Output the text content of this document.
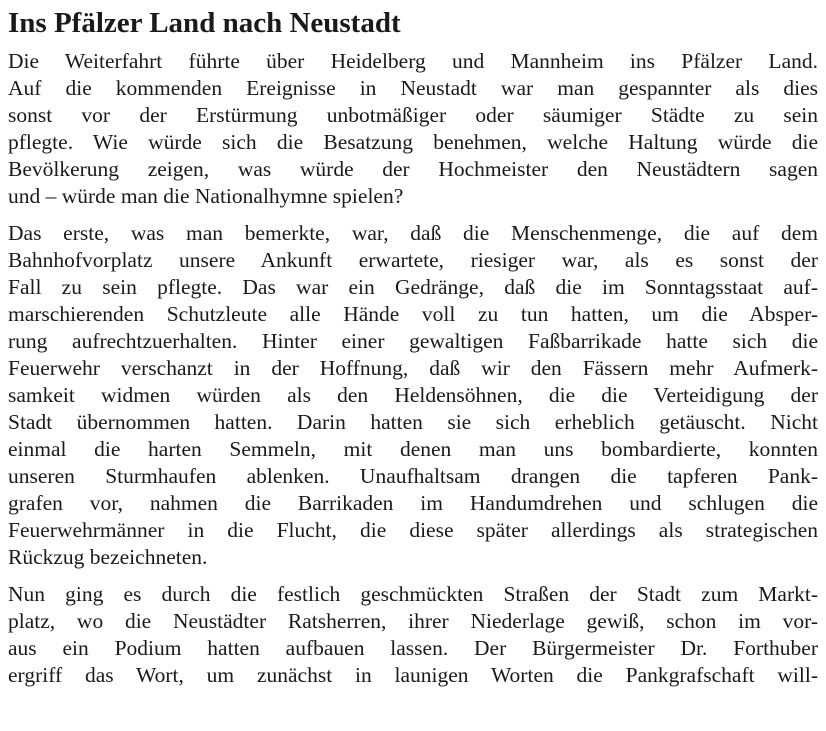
Ins Pfälzer Land nach Neustadt
Die Weiterfahrt führte über Heidelberg und Mannheim ins Pfälzer Land.
Auf die kommenden Ereignisse in Neustadt war man gespannter als dies
sonst vor der Erstürmung unbotmäßiger oder säumiger Städte zu sein
pflegte. Wie würde sich die Besatzung benehmen, welche Haltung würde die
Bevölkerung zeigen, was würde der Hochmeister den Neustädtern sagen
und – würde man die Nationalhymne spielen?
Das erste, was man bemerkte, war, daß die Menschenmenge, die auf dem
Bahnhofvorplatz unsere Ankunft erwartete, riesiger war, als es sonst der
Fall zu sein pflegte. Das war ein Gedränge, daß die im Sonntagsstaat auf-
marschierenden Schutzleute alle Hände voll zu tun hatten, um die Absper-
rung aufrechtzuerhalten. Hinter einer gewaltigen Faßbarrikade hatte sich die
Feuerwehr verschanzt in der Hoffnung, daß wir den Fässern mehr Aufmerk-
samkeit widmen würden als den Heldensöhnen, die die Verteidigung der
Stadt übernommen hatten. Darin hatten sie sich erheblich getäuscht. Nicht
einmal die harten Semmeln, mit denen man uns bombardierte, konnten
unseren Sturmhaufen ablenken. Unaufhaltsam drangen die tapferen Pank-
grafen vor, nahmen die Barrikaden im Handumdrehen und schlugen die
Feuerwehrmänner in die Flucht, die diese später allerdings als strategischen
Rückzug bezeichneten.
Nun ging es durch die festlich geschmückten Straßen der Stadt zum Markt-
platz, wo die Neustädter Ratsherren, ihrer Niederlage gewiß, schon im vor-
aus ein Podium hatten aufbauen lassen. Der Bürgermeister Dr. Forthuber
ergriff das Wort, um zunächst in launigen Worten die Pankgrafschaft will-
